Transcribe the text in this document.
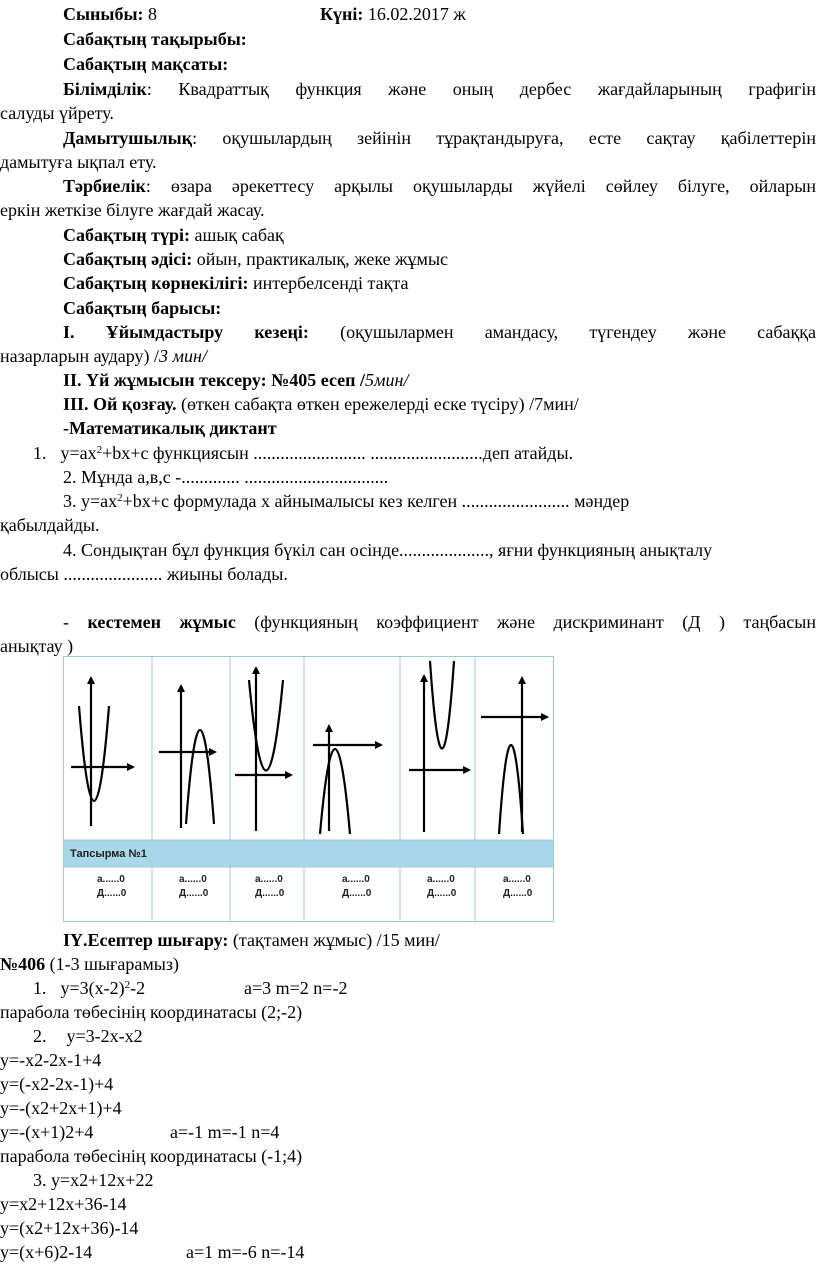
Сыныбы: 8	Күні: 16.02.2017 ж
Сабақтың тақырыбы:
Сабақтың мақсаты:
Білімділік: Квадраттық функция және оның дербес жағдайларының графигін
салуды үйрету.
Дамытушылық: оқушылардың зейінін тұрақтандыруға, есте сақтау қабілеттерін
дамытуға ықпал ету.
Тәрбиелік: өзара әрекеттесу арқылы оқушыларды жүйелі сөйлеу білуге, ойларын
еркін жеткізе білуге жағдай жасау.
Сабақтың түрі: ашық сабақ
Сабақтың әдісі: ойын, практикалық, жеке жұмыс
Сабақтың көрнекілігі: интербелсенді тақта
Сабақтың барысы:
І. Ұйымдастыру кезеңі: (оқушылармен амандасу, түгендеу және сабаққа
назарларын аудару) /3 мин/
ІІ. Үй жұмысын тексеру: №405 есеп /5мин/
ІІІ. Ой қозғау. (өткен сабақта өткен ережелерді еске түсіру) /7мин/
-Математикалық диктант
1. $y=ax^2+bx+c$ функциясын ......................... .........................деп атайды.
2. Мұнда a,в,с -............. ................................
3. $y=ax^2+bx+c$ формулада x айнымалысы кез келген ........................ мәндер
қабылдайды.
4. Сондықтан бұл функция бүкіл сан осінде...................., яғни функцияның анықталу
облысы ...................... жиыны болады.
- кестемен жұмыс (функцияның коэффициент және дискриминант (Д ) таңбасын
анықтау )
Тапсырма №1
a......0
Д......0
a......0
Д......0
a......0
Д......0
a......0
Д......0
a......0
Д......0
a......0
Д......0
ІҮ.Есептер шығару: (тақтамен жұмыс) /15 мин/
№406 (1-3 шығарамыз)
1. $y=3(x-2)^2-2$	a=3 m=2 n=-2
парабола төбесінің координатасы (2;-2)
2. y=3-2x-x2
y=-x2-2x-1+4
y=(-x2-2x-1)+4
y=-(x2+2x+1)+4
y=-(x+1)2+4	a=-1 m=-1 n=4
парабола төбесінің координатасы (-1;4)
3. y=x2+12x+22
y=x2+12x+36-14
y=(x2+12x+36)-14
y=(x+6)2-14	a=1 m=-6 n=-14
